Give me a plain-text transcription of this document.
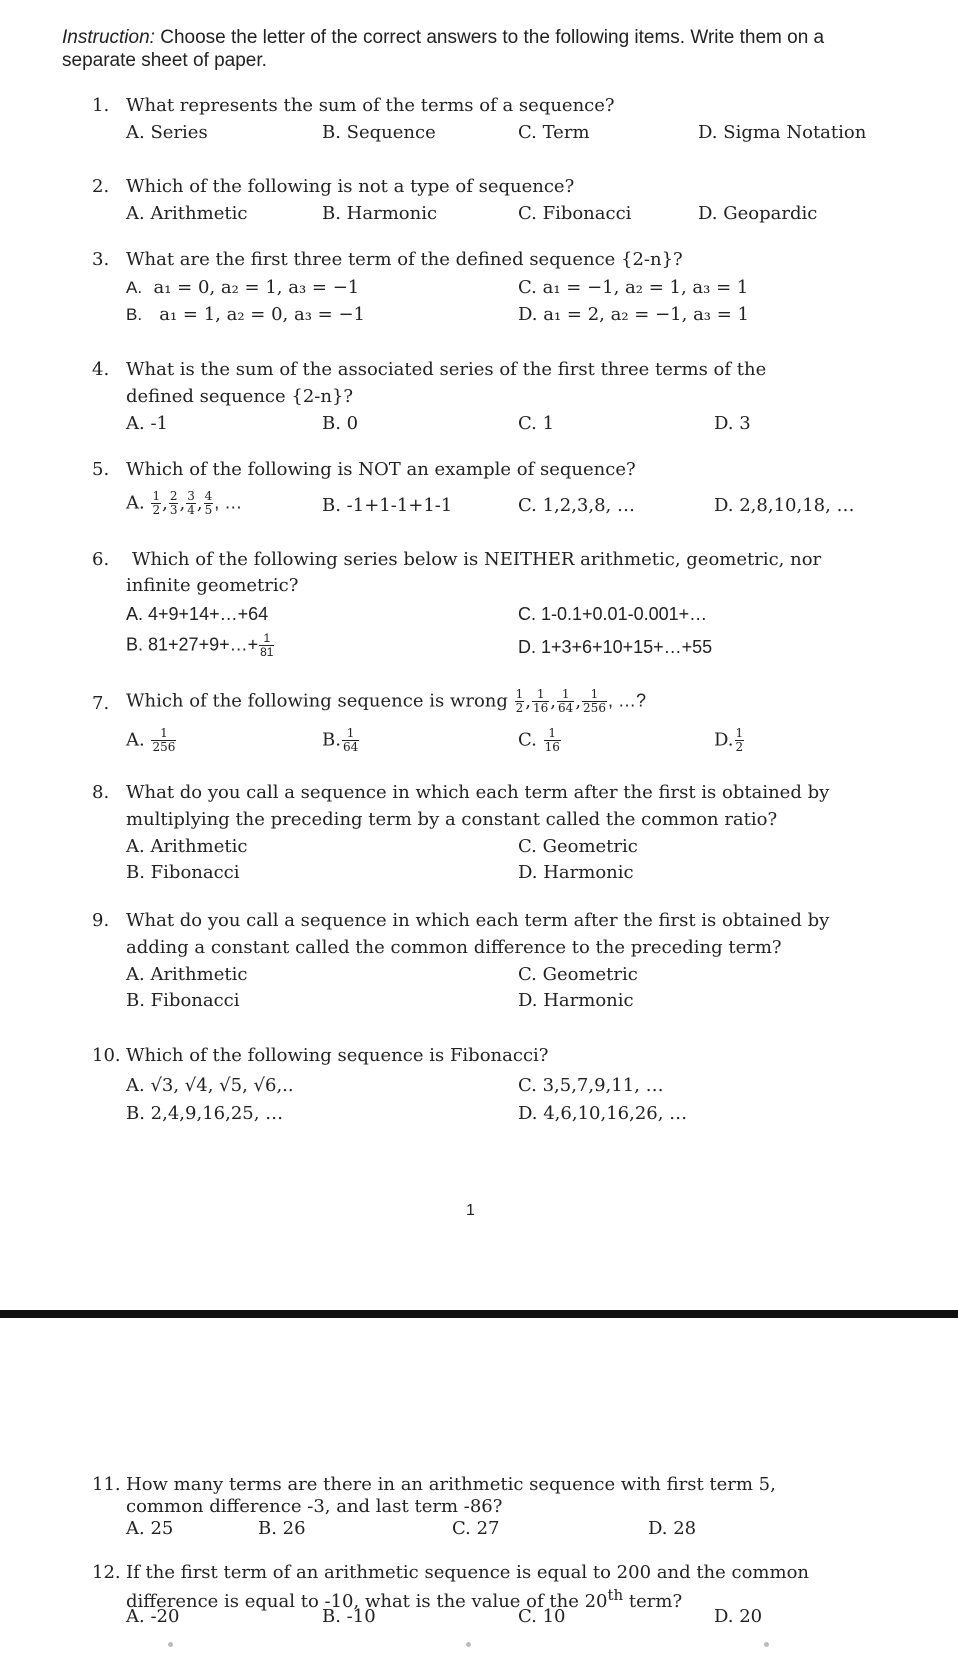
Instruction: Choose the letter of the correct answers to the following items. Write them on a separate sheet of paper.
1. What represents the sum of the terms of a sequence?
A. Series	B. Sequence	C. Term	D. Sigma Notation
2. Which of the following is not a type of sequence?
A. Arithmetic	B. Harmonic	C. Fibonacci	D. Geopardic
3. What are the first three term of the defined sequence {2-n}?
A. a₁ = 0, a₂ = 1, a₃ = −1
B. a₁ = 1, a₂ = 0, a₃ = −1
C. a₁ = −1, a₂ = 1, a₃ = 1
D. a₁ = 2, a₂ = −1, a₃ = 1
4. What is the sum of the associated series of the first three terms of the
defined sequence {2-n}?
A. -1	B. 0	C. 1	D. 3
5. Which of the following is NOT an example of sequence?
A. $\frac{1}{2}$ , $\frac{2}{3}$ , $\frac{3}{4}$ , $\frac{4}{5}$ , …	B. -1+1-1+1-1	C. 1,2,3,8, …	D. 2,8,10,18, …
6. Which of the following series below is NEITHER arithmetic, geometric, nor
infinite geometric?
A. 4+9+14+…+64
B. 81+27+9+…+ $\frac{1}{81}$
C. 1-0.1+0.01-0.001+…
D. 1+3+6+10+15+…+55
7. Which of the following sequence is wrong $\frac{1}{2}$ , $\frac{1}{16}$ , $\frac{1}{64}$ , $\frac{1}{256}$ , …?
A. $\frac{1}{256}$	B. $\frac{1}{64}$	C. $\frac{1}{16}$	D. $\frac{1}{2}$
8. What do you call a sequence in which each term after the first is obtained by
multiplying the preceding term by a constant called the common ratio?
A. Arithmetic
B. Fibonacci
C. Geometric
D. Harmonic
9. What do you call a sequence in which each term after the first is obtained by
adding a constant called the common difference to the preceding term?
A. Arithmetic
B. Fibonacci
C. Geometric
D. Harmonic
10. Which of the following sequence is Fibonacci?
A. √3, √4, √5, √6,..
B. 2,4,9,16,25, …
C. 3,5,7,9,11, …
D. 4,6,10,16,26, …
1
11. How many terms are there in an arithmetic sequence with first term 5,
common difference -3, and last term -86?
A. 25	B. 26	C. 27	D. 28
12. If the first term of an arithmetic sequence is equal to 200 and the common
difference is equal to -10, what is the value of the 20th term?
A. -20	B. -10	C. 10	D. 20
